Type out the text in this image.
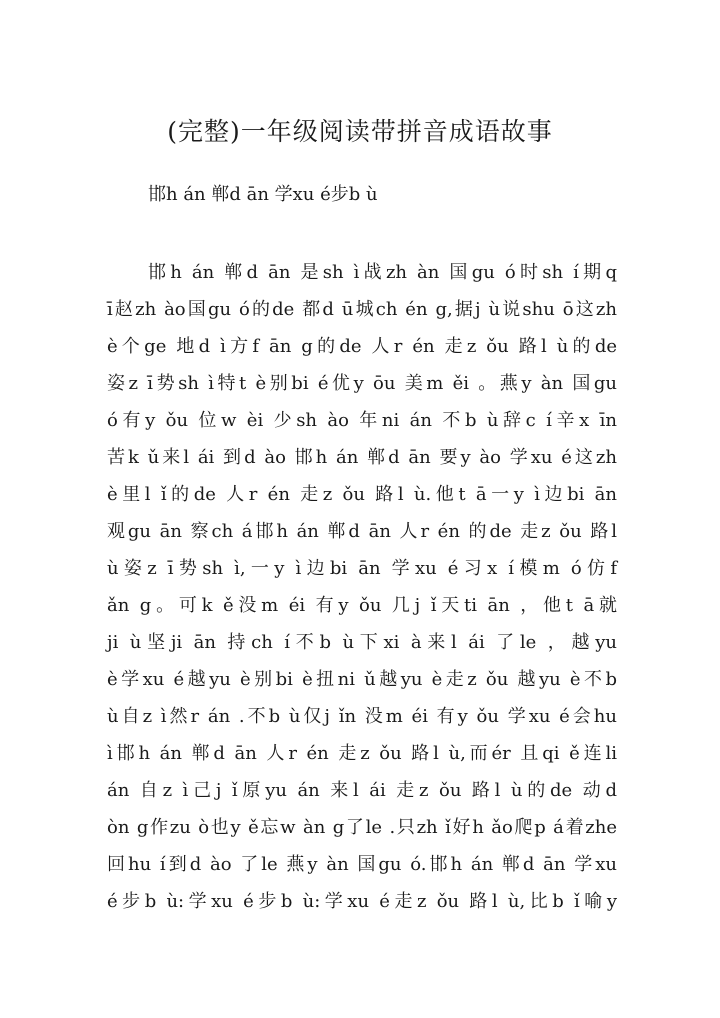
(完整)一年级阅读带拼音成语故事

邯h án 郸d ān 学xu é步b ù

邯h án 郸d ān 是sh ì战zh àn 国gu ó时sh í期q

ī赵zh ào国gu ó的de 都d ū城ch én g,据j ù说shu ō这zh

è个ge 地d ì方f ān g的de 人r én 走z ǒu 路l ù的de

姿z ī势sh ì特t è别bi é优y ōu 美m ěi 。燕y àn 国gu

ó有y ǒu 位w èi 少sh ào 年ni án 不b ù辞c í辛x īn

苦k ǔ来l ái 到d ào 邯h án 郸d ān 要y ào 学xu é这zh

è里l ǐ的de 人r én 走z ǒu 路l ù.他t ā一y ì边bi ān

观gu ān 察ch á邯h án 郸d ān 人r én 的de 走z ǒu 路l

ù姿z ī势sh ì,一y ì边bi ān 学xu é习x í模m ó仿f

ǎn g。可k ě没m éi 有y ǒu 几j ǐ天ti ān ，他t ā就

ji ù坚ji ān 持ch í不b ù下xi à来l ái 了le ，越yu

è学xu é越yu è别bi è扭ni ǔ越yu è走z ǒu 越yu è不b

ù自z ì然r án .不b ù仅j ǐn 没m éi 有y ǒu 学xu é会hu

ì邯h án 郸d ān 人r én 走z ǒu 路l ù,而ér 且qi ě连li

án 自z ì己j ǐ原yu án 来l ái 走z ǒu 路l ù的de 动d

òn g作zu ò也y ě忘w àn g了le .只zh ǐ好h ǎo爬p á着zhe

回hu í到d ào 了le 燕y àn 国gu ó.邯h án 郸d ān 学xu

é步b ù:学xu é步b ù:学xu é走z ǒu 路l ù,比b ǐ喻y
